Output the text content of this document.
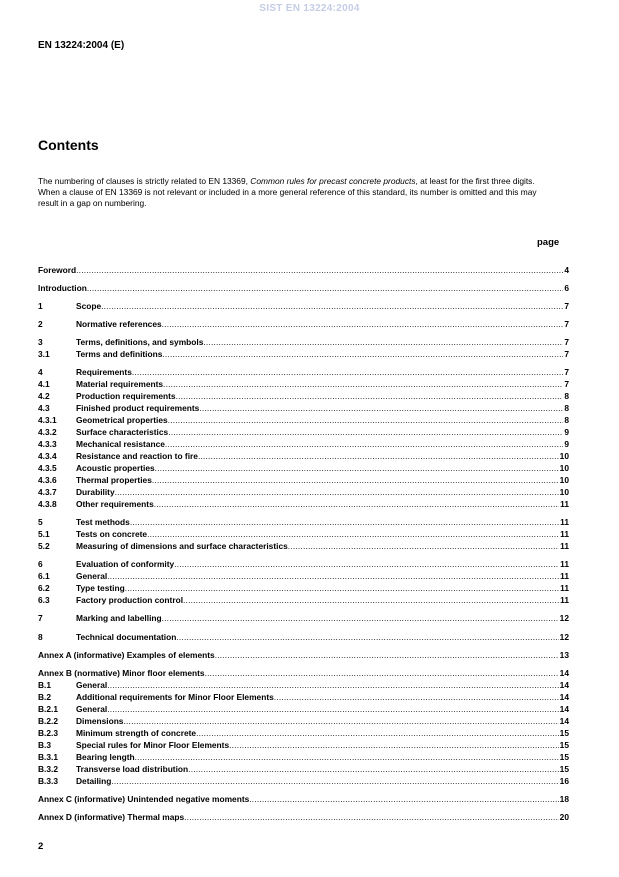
SIST EN 13224:2004
EN 13224:2004 (E)
Contents
The numbering of clauses is strictly related to EN 13369, Common rules for precast concrete products, at least for the first three digits. When a clause of EN 13369 is not relevant or included in a more general reference of this standard, its number is omitted and this may result in a gap on numbering.
page
Foreword .....	4
Introduction .....	6
1	Scope .....	7
2	Normative references .....	7
3	Terms, definitions, and symbols .....	7
3.1	Terms and definitions .....	7
4	Requirements .....	7
4.1	Material requirements .....	7
4.2	Production requirements .....	8
4.3	Finished product requirements .....	8
4.3.1	Geometrical properties .....	8
4.3.2	Surface characteristics .....	9
4.3.3	Mechanical resistance .....	9
4.3.4	Resistance and reaction to fire .....	10
4.3.5	Acoustic properties .....	10
4.3.6	Thermal properties .....	10
4.3.7	Durability .....	10
4.3.8	Other requirements .....	11
5	Test methods .....	11
5.1	Tests on concrete .....	11
5.2	Measuring of dimensions and surface characteristics .....	11
6	Evaluation of conformity .....	11
6.1	General .....	11
6.2	Type testing .....	11
6.3	Factory production control .....	11
7	Marking and labelling .....	12
8	Technical documentation .....	12
Annex A (informative) Examples of elements .....	13
Annex B (normative) Minor floor elements .....	14
B.1	General .....	14
B.2	Additional requirements for Minor Floor Elements .....	14
B.2.1	General .....	14
B.2.2	Dimensions .....	14
B.2.3	Minimum strength of concrete .....	15
B.3	Special rules for Minor Floor Elements .....	15
B.3.1	Bearing length .....	15
B.3.2	Transverse load distribution .....	15
B.3.3	Detailing .....	16
Annex C (informative) Unintended negative moments .....	18
Annex D (informative) Thermal maps .....	20
2
